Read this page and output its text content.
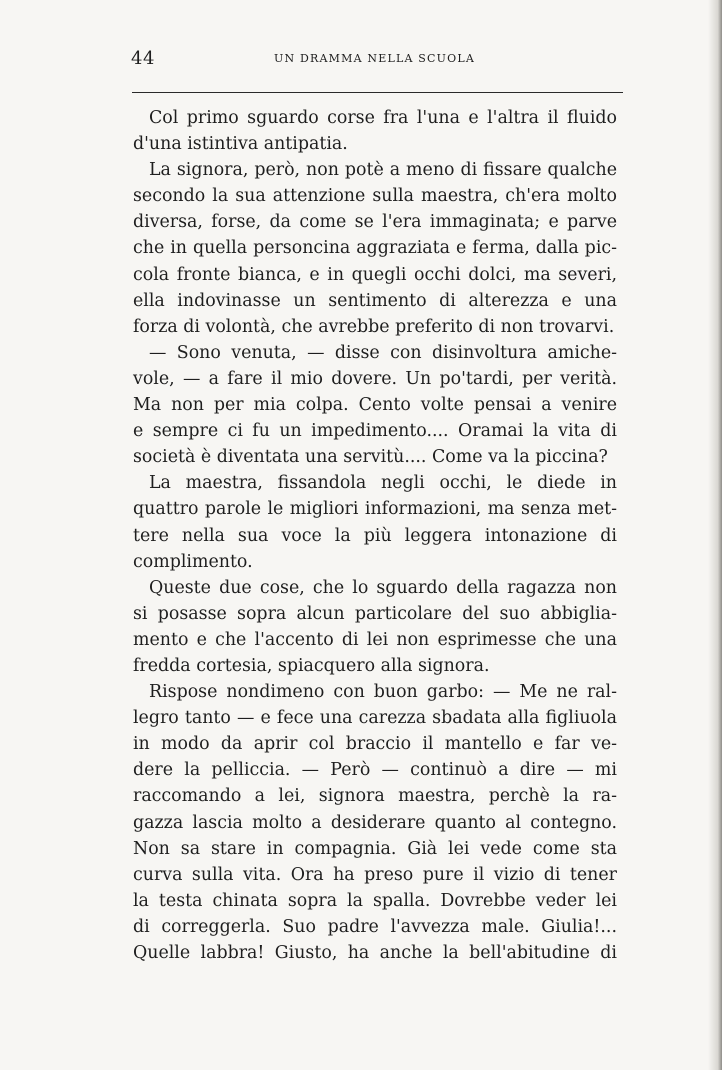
44	UN DRAMMA NELLA SCUOLA
Col primo sguardo corse fra l'una e l'altra il fluido
d'una istintiva antipatia.
La signora, però, non potè a meno di fissare qualche
secondo la sua attenzione sulla maestra, ch'era molto
diversa, forse, da come se l'era immaginata; e parve
che in quella personcina aggraziata e ferma, dalla pic-
cola fronte bianca, e in quegli occhi dolci, ma severi,
ella indovinasse un sentimento di alterezza e una
forza di volontà, che avrebbe preferito di non trovarvi.
— Sono venuta, — disse con disinvoltura amiche-
vole, — a fare il mio dovere. Un po'tardi, per verità.
Ma non per mia colpa. Cento volte pensai a venire
e sempre ci fu un impedimento.... Oramai la vita di
società è diventata una servitù.... Come va la piccina?
La maestra, fissandola negli occhi, le diede in
quattro parole le migliori informazioni, ma senza met-
tere nella sua voce la più leggera intonazione di
complimento.
Queste due cose, che lo sguardo della ragazza non
si posasse sopra alcun particolare del suo abbiglia-
mento e che l'accento di lei non esprimesse che una
fredda cortesia, spiacquero alla signora.
Rispose nondimeno con buon garbo: — Me ne ral-
legro tanto — e fece una carezza sbadata alla figliuola
in modo da aprir col braccio il mantello e far ve-
dere la pelliccia. — Però — continuò a dire — mi
raccomando a lei, signora maestra, perchè la ra-
gazza lascia molto a desiderare quanto al contegno.
Non sa stare in compagnia. Già lei vede come sta
curva sulla vita. Ora ha preso pure il vizio di tener
la testa chinata sopra la spalla. Dovrebbe veder lei
di correggerla. Suo padre l'avvezza male. Giulia!...
Quelle labbra! Giusto, ha anche la bell'abitudine di
